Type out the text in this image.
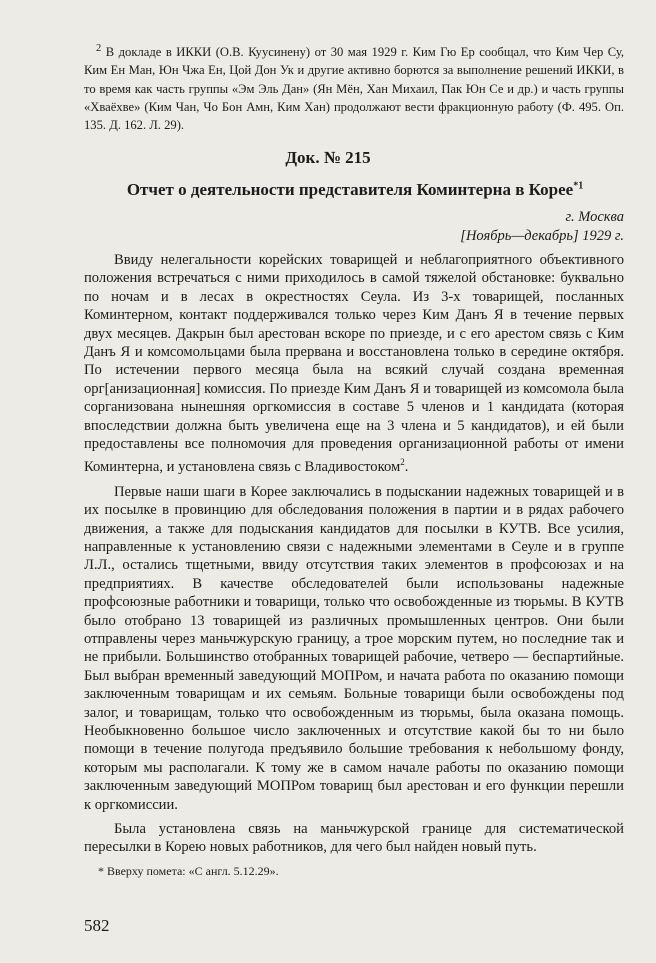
$^2$ В докладе в ИККИ (О.В. Куусинену) от 30 мая 1929 г. Ким Гю Ер сообщал, что Ким Чер Су, Ким Ен Ман, Юн Чжа Ен, Цой Дон Ук и другие активно борются за выполнение решений ИККИ, в то время как часть группы «Эм Эль Дан» (Ян Мён, Хан Михаил, Пак Юн Се и др.) и часть группы «Хваёхве» (Ким Чан, Чо Бон Амн, Ким Хан) продолжают вести фракционную работу (Ф. 495. Оп. 135. Д. 162. Л. 29).

Док. № 215
Отчет о деятельности представителя Коминтерна в Корее$^{*1}$
г. Москва
[Ноябрь—декабрь] 1929 г.

Ввиду нелегальности корейских товарищей и неблагоприятного объективного положения встречаться с ними приходилось в самой тяжелой обстановке: буквально по ночам и в лесах в окрестностях Сеула. Из 3-х товарищей, посланных Коминтерном, контакт поддерживался только через Ким Данъ Я в течение первых двух месяцев. Дакрын был арестован вскоре по приезде, и с его арестом связь с Ким Данъ Я и комсомольцами была прервана и восстановлена только в середине октября. По истечении первого месяца была на всякий случай создана временная орг[анизационная] комиссия. По приезде Ким Данъ Я и товарищей из комсомола была сорганизована нынешняя оргкомиссия в составе 5 членов и 1 кандидата (которая впоследствии должна быть увеличена еще на 3 члена и 5 кандидатов), и ей были предоставлены все полномочия для проведения организационной работы от имени Коминтерна, и установлена связь с Владивостоком$^2$.

Первые наши шаги в Корее заключались в подыскании надежных товарищей и в их посылке в провинцию для обследования положения в партии и в рядах рабочего движения, а также для подыскания кандидатов для посылки в КУТВ. Все усилия, направленные к установлению связи с надежными элементами в Сеуле и в группе Л.Л., остались тщетными, ввиду отсутствия таких элементов в профсоюзах и на предприятиях. В качестве обследователей были использованы надежные профсоюзные работники и товарищи, только что освобожденные из тюрьмы. В КУТВ было отобрано 13 товарищей из различных промышленных центров. Они были отправлены через маньчжурскую границу, а трое морским путем, но последние так и не прибыли. Большинство отобранных товарищей рабочие, четверо — беспартийные. Был выбран временный заведующий МОПРом, и начата работа по оказанию помощи заключенным товарищам и их семьям. Больные товарищи были освобождены под залог, и товарищам, только что освобожденным из тюрьмы, была оказана помощь. Необыкновенно большое число заключенных и отсутствие какой бы то ни было помощи в течение полугода предъявило большие требования к небольшому фонду, которым мы располагали. К тому же в самом начале работы по оказанию помощи заключенным заведующий МОПРом товарищ был арестован и его функции перешли к оргкомиссии.

Была установлена связь на маньчжурской границе для систематической пересылки в Корею новых работников, для чего был найден новый путь.

* Вверху помета: «С англ. 5.12.29».
582
